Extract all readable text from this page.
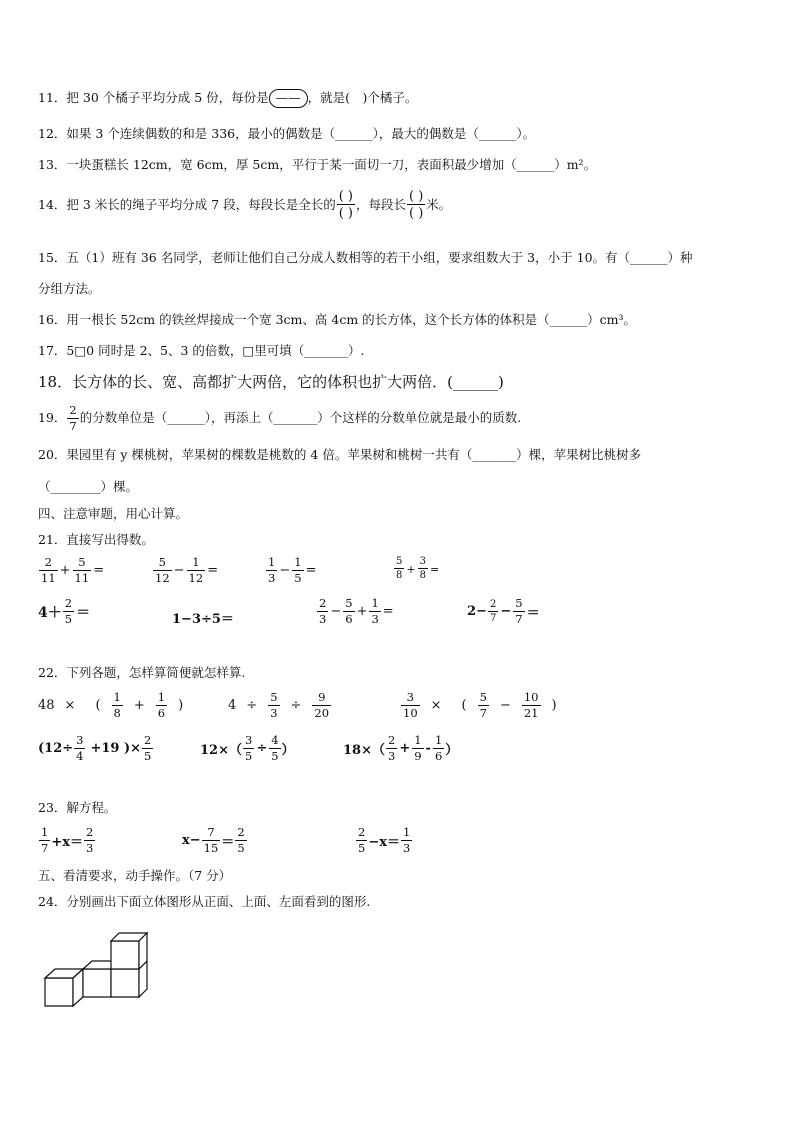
11．把 30 个橘子平均分成 5 份，每份是 —— ，就是(　)个橘子。
12．如果 3 个连续偶数的和是 336，最小的偶数是（______），最大的偶数是（______）。
13．一块蛋糕长 12cm，宽 6cm，厚 5cm，平行于某一面切一刀，表面积最少增加（______）m²。
14．把 3 米长的绳子平均分成 7 段，每段长是全长的 $\frac{( )}{( )}$ ，每段长 $\frac{( )}{( )}$ 米。
15．五（1）班有 36 名同学，老师让他们自己分成人数相等的若干小组，要求组数大于 3，小于 10。有（______）种
分组方法。
16．用一根长 52cm 的铁丝焊接成一个宽 3cm、高 4cm 的长方体，这个长方体的体积是（______）cm³。
17．5□0 同时是 2、5、3 的倍数，□里可填（_______）.
18．长方体的长、宽、高都扩大两倍，它的体积也扩大两倍．(______)
19． $\frac{2}{7}$ 的分数单位是（______），再添上（_______）个这样的分数单位就是最小的质数.
20．果园里有 y 棵桃树，苹果树的棵数是桃数的 4 倍。苹果树和桃树一共有（_______）棵，苹果树比桃树多
（________）棵。
四、注意审题，用心计算。
21．直接写出得数。
$\frac{2}{11} + \frac{5}{11}$ =	$\frac{5}{12} - \frac{1}{12}$ =	$\frac{1}{3} - \frac{1}{5}$ =	$\frac{5}{8} + \frac{3}{8}$ =
$4+ \frac{2}{5}$ ＝	1−3÷5＝	$\frac{2}{3} - \frac{5}{6} + \frac{1}{3}$ =	$2- \frac{2}{7} - \frac{5}{7}$ ＝
22．下列各题，怎样算简便就怎样算.
48 × ( $\frac{1}{8} + \frac{1}{6}$ )	$4 \div \frac{5}{3} \div \frac{9}{20}$	$\frac{3}{10}$ × ( $\frac{5}{7} - \frac{10}{21}$ )
($12\div \frac{3}{4} +19$ )× $\frac{2}{5}$	$12\times( \frac{3}{5} \div \frac{4}{5}$ ）	$18\times( \frac{2}{3} + \frac{1}{9} - \frac{1}{6}$ ）
23．解方程。
$\frac{1}{7} +x= \frac{2}{3}$	$x- \frac{7}{15} = \frac{2}{5}$	$\frac{2}{5} -x= \frac{1}{3}$
五、看清要求，动手操作。（7 分）
24．分别画出下面立体图形从正面、上面、左面看到的图形.
